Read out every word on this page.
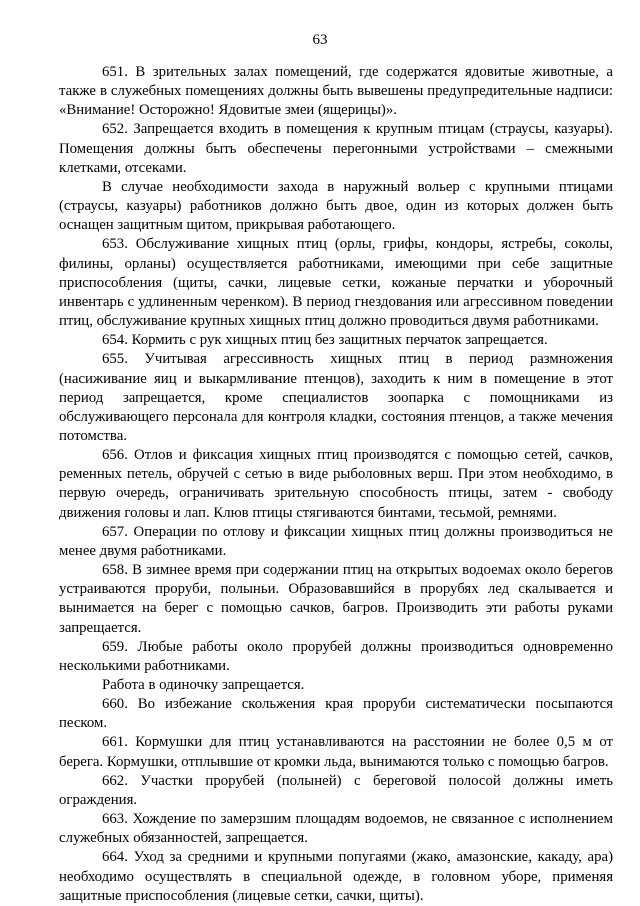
63

651. В зрительных залах помещений, где содержатся ядовитые животные, а также в служебных помещениях должны быть вывешены предупредительные надписи: «Внимание! Осторожно! Ядовитые змеи (ящерицы)».

652. Запрещается входить в помещения к крупным птицам (страусы, казуары). Помещения должны быть обеспечены перегонными устройствами – смежными клетками, отсеками.

В случае необходимости захода в наружный вольер с крупными птицами (страусы, казуары) работников должно быть двое, один из которых должен быть оснащен защитным щитом, прикрывая работающего.

653. Обслуживание хищных птиц (орлы, грифы, кондоры, ястребы, соколы, филины, орланы) осуществляется работниками, имеющими при себе защитные приспособления (щиты, сачки, лицевые сетки, кожаные перчатки и уборочный инвентарь с удлиненным черенком). В период гнездования или агрессивном поведении птиц, обслуживание крупных хищных птиц должно проводиться двумя работниками.

654. Кормить с рук хищных птиц без защитных перчаток запрещается.

655. Учитывая агрессивность хищных птиц в период размножения (насиживание яиц и выкармливание птенцов), заходить к ним в помещение в этот период запрещается, кроме специалистов зоопарка с помощниками из обслуживающего персонала для контроля кладки, состояния птенцов, а также мечения потомства.

656. Отлов и фиксация хищных птиц производятся с помощью сетей, сачков, ременных петель, обручей с сетью в виде рыболовных верш. При этом необходимо, в первую очередь, ограничивать зрительную способность птицы, затем - свободу движения головы и лап. Клюв птицы стягиваются бинтами, тесьмой, ремнями.

657. Операции по отлову и фиксации хищных птиц должны производиться не менее двумя работниками.

658. В зимнее время при содержании птиц на открытых водоемах около берегов устраиваются проруби, полыньи. Образовавшийся в прорубях лед скалывается и вынимается на берег с помощью сачков, багров. Производить эти работы руками запрещается.

659. Любые работы около прорубей должны производиться одновременно несколькими работниками.

Работа в одиночку запрещается.

660. Во избежание скольжения края проруби систематически посыпаются песком.

661. Кормушки для птиц устанавливаются на расстоянии не более 0,5 м от берега. Кормушки, отплывшие от кромки льда, вынимаются только с помощью багров.

662. Участки прорубей (полыней) с береговой полосой должны иметь ограждения.

663. Хождение по замерзшим площадям водоемов, не связанное с исполнением служебных обязанностей, запрещается.

664. Уход за средними и крупными попугаями (жако, амазонские, какаду, ара) необходимо осуществлять в специальной одежде, в головном уборе, применяя защитные приспособления (лицевые сетки, сачки, щиты).
